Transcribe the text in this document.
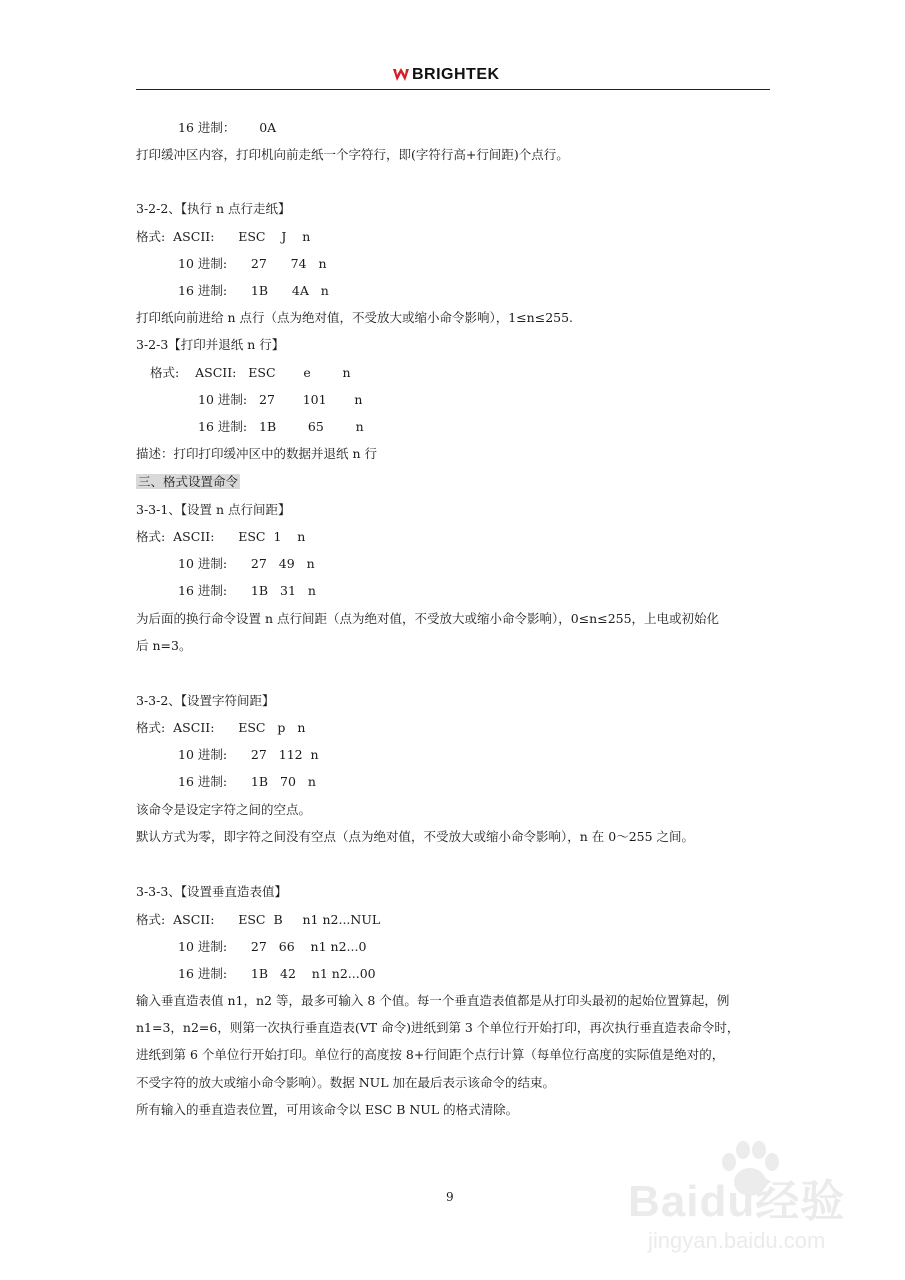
BRIGHTEK
16 进制：      0A
打印缓冲区内容，打印机向前走纸一个字符行，即(字符行高+行间距)个点行。
3-2-2、【执行 n 点行走纸】
格式:  ASCII:      ESC    J    n
10 进制:      27      74   n
16 进制:      1B      4A   n
打印纸向前进给 n 点行（点为绝对值，不受放大或缩小命令影响），1≤n≤255.
3-2-3【打印并退纸 n 行】
格式:    ASCII:   ESC       e        n
10 进制:   27       101       n
16 进制:   1B        65        n
描述：打印打印缓冲区中的数据并退纸 n 行
三、格式设置命令
3-3-1、【设置 n 点行间距】
格式:  ASCII:      ESC  1    n
10 进制:      27   49   n
16 进制:      1B   31   n
为后面的换行命令设置 n 点行间距（点为绝对值，不受放大或缩小命令影响），0≤n≤255，上电或初始化
后 n=3。
3-3-2、【设置字符间距】
格式:  ASCII:      ESC   p   n
10 进制:      27   112  n
16 进制:      1B   70   n
该命令是设定字符之间的空点。
默认方式为零，即字符之间没有空点（点为绝对值，不受放大或缩小命令影响），n 在 0～255 之间。
3-3-3、【设置垂直造表值】
格式:  ASCII:      ESC  B     n1 n2...NUL
10 进制:      27   66    n1 n2...0
16 进制:      1B   42    n1 n2...00
输入垂直造表值 n1，n2 等，最多可输入 8 个值。每一个垂直造表值都是从打印头最初的起始位置算起，例
n1=3，n2=6，则第一次执行垂直造表(VT 命令)进纸到第 3 个单位行开始打印，再次执行垂直造表命令时，
进纸到第 6 个单位行开始打印。单位行的高度按 8+行间距个点行计算（每单位行高度的实际值是绝对的，
不受字符的放大或缩小命令影响）。数据 NUL 加在最后表示该命令的结束。
所有输入的垂直造表位置，可用该命令以 ESC B NUL 的格式清除。
9	Baidu经验
jingyan.baidu.com
